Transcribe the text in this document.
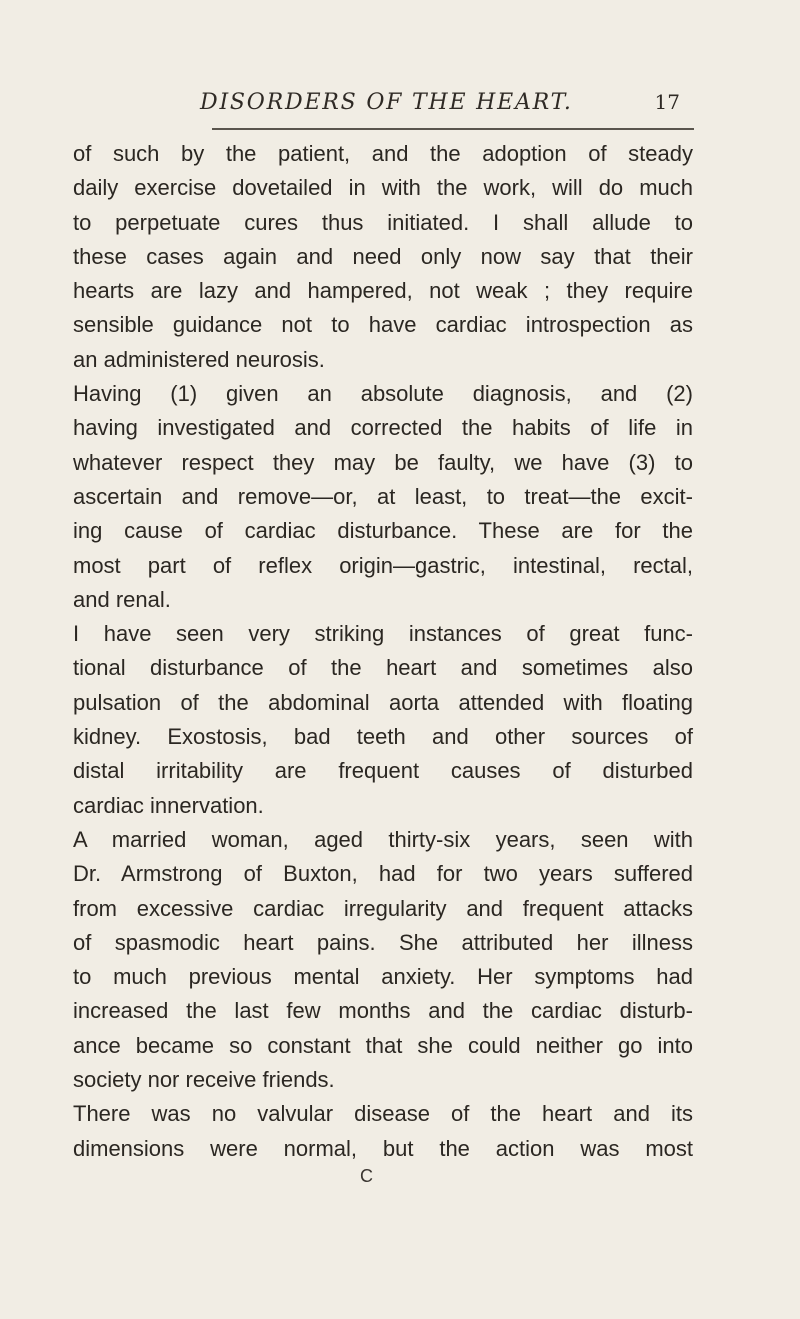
DISORDERS OF THE HEART.	17
of such by the patient, and the adoption of steady
daily exercise dovetailed in with the work, will do much
to perpetuate cures thus initiated. I shall allude to
these cases again and need only now say that their
hearts are lazy and hampered, not weak ; they require
sensible guidance not to have cardiac introspection as
an administered neurosis.
Having (1) given an absolute diagnosis, and (2)
having investigated and corrected the habits of life in
whatever respect they may be faulty, we have (3) to
ascertain and remove—or, at least, to treat—the excit-
ing cause of cardiac disturbance. These are for the
most part of reflex origin—gastric, intestinal, rectal,
and renal.
I have seen very striking instances of great func-
tional disturbance of the heart and sometimes also
pulsation of the abdominal aorta attended with floating
kidney. Exostosis, bad teeth and other sources of
distal irritability are frequent causes of disturbed
cardiac innervation.
A married woman, aged thirty-six years, seen with
Dr. Armstrong of Buxton, had for two years suffered
from excessive cardiac irregularity and frequent attacks
of spasmodic heart pains. She attributed her illness
to much previous mental anxiety. Her symptoms had
increased the last few months and the cardiac disturb-
ance became so constant that she could neither go into
society nor receive friends.
There was no valvular disease of the heart and its
dimensions were normal, but the action was most
C
